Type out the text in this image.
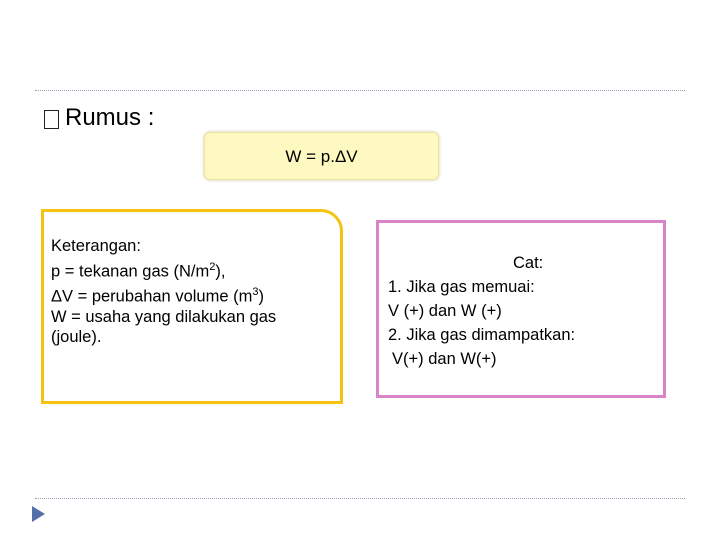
Rumus :
W = p.ΔV
Keterangan:
p = tekanan gas $(N/m^2)$,
ΔV = perubahan volume $(m^3)$
W = usaha yang dilakukan gas
(joule).
Cat:
1. Jika gas memuai:
V (+) dan W (+)
2. Jika gas dimampatkan:
V(+) dan W(+)
